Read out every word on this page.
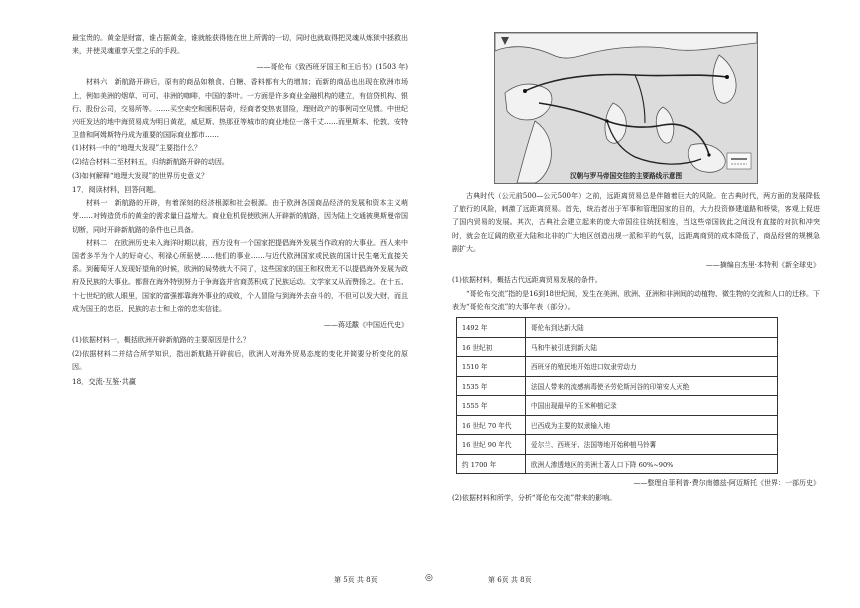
最宝贵的。黄金是财富，谁占据黄金，谁就能获得他在世上所需的一切，同时也就取得把灵魂从炼狱中拯救出来，并使灵魂重享天堂之乐的手段。

——哥伦布《致西班牙国王和王后书》(1503 年)

材料六　新航路开辟后，原有的商品如粮食、白糖、香料都有大的增加；而新的商品也出现在欧洲市场上，例如美洲的烟草、可可、非洲的咖啡，中国的茶叶。一方面是许多商业金融机构的建立，有信贷机构、银行、股份公司，交易所等。……买空卖空和囤积居奇，经商者变热衷冒险，理财政产的事例司空见惯。中世纪兴旺发达的地中海贸易成为明日黄花，威尼斯、热那亚等城市的商业地位一落千丈……而里斯本、伦敦、安特卫普和阿姆斯特丹成为重要的国际商业都市……

(1)材料一中的“地理大发现”主要指什么？

(2)结合材料二至材料五，归纳新航路开辟的动因。

(3)如何解释“地理大发现”的世界历史意义？

17．阅读材料，回答问题。

材料一　新航路的开辟，有着深刻的经济根源和社会根源。由于欧洲各国商品经济的发展和资本主义萌芽……对铸造货币的黄金的需求量日益增大。商业危机促使欧洲人开辟新的航路，因为陆上交通被奥斯曼帝国切断，同时开辟新航路的条件也已具备。

材料二　在欧洲历史未入海洋时期以前，西方没有一个国家把提倡海外发展当作政府的大事业。西人来中国者多半为个人的好奇心、利禄心所驱使……他们的事业……与近代欧洲国家或民族的国计民生毫无直接关系。到葡萄牙人发现好望角的时候，欧洲的局势就大不同了，这些国家的国王和权贵无不以提倡海外发展为政府及民族的大事业。都督在海外特别努力于争海盗并官商蒸积成了民族运动。文学家又从而赞扬之。在十五、十七世纪的欧人眼里，国家的富强都靠海外事业的成败，个人冒险与到海外去奋斗的，不但可以发大财，而且成为国王的忠臣、民族的志士和上帝的忠实信徒。

——蒋廷黻《中国近代史》

(1)依据材料一，概括欧洲开辟新航路的主要原因是什么？

(2)依据材料二并结合所学知识，指出新航路开辟前后，欧洲人对海外贸易态度的变化并简要分析变化的原因。

18．交流·互鉴·共赢

汉朝与罗马帝国交往的主要路线示意图

古典时代（公元前500—公元500年）之前，远距离贸易总是伴随着巨大的风险。在古典时代，两方面的发展降低了旅行的风险，刺激了远距离贸易。首先，统治者出于军事和管理国家的目的，大力投资修建道路和桥梁，客观上促进了国内贸易的发展。其次，古典社会建立起来的庞大帝国往往统抚相连，当这些帝国彼此之间没有直接的对抗和冲突时，就会在辽阔的欧亚大陆和北非的广大地区创造出规一派和平的气氛，远距离商贸的成本降低了，商品经营的规模急剧扩大。

——摘编自杰里·本特利《新全球史》

(1)依据材料，概括古代远距离贸易发展的条件。

“哥伦布交流”指的是16到18世纪间，发生在美洲、欧洲、亚洲和非洲间的动植物、微生物的交流和人口的迁移。下表为“哥伦布交流”的大事年表（部分）。

1492 年	哥伦布到达新大陆
16 世纪初	马和牛被引进到新大陆
1510 年	西班牙的殖民地开始进口奴隶劳动力
1535 年	法国人带来的流感病毒使圣劳伦斯河谷的印第安人灭绝
1555 年	中国出现最早的玉米种植记录
16 世纪 70 年代	巴西成为主要的奴隶输入地
16 世纪 90 年代	爱尔兰、西班牙、法国等地开始种植马铃薯
约 1700 年	欧洲人渗透地区的美洲土著人口下降 60%~90%

——整理自菲利普·费尔南德兹-阿迈斯托《世界：一部历史》

(2)依据材料和所学，分析“哥伦布交流”带来的影响。

第 5页 共 8页	◎	第 6页 共 8页
